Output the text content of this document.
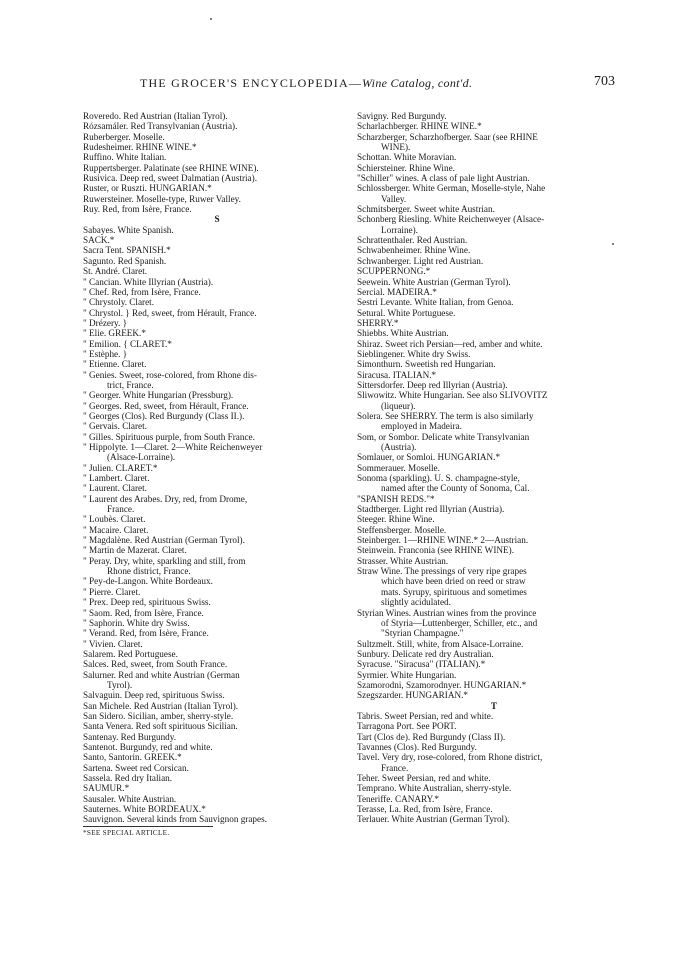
THE GROCER'S ENCYCLOPEDIA—Wine Catalog, cont'd.	703
Roveredo. Red Austrian (Italian Tyrol).
Rózsamáler. Red Transylvanian (Austria).
Ruberberger. Moselle.
Rudesheimer. RHINE WINE.*
Ruffino. White Italian.
Ruppertsberger. Palatinate (see RHINE WINE).
Rusivica. Deep red, sweet Dalmatian (Austria).
Ruster, or Ruszti. HUNGARIAN.*
Ruwersteiner. Moselle-type, Ruwer Valley.
Ruy. Red, from Isère, France.
S
Sabayes. White Spanish.
SACK.*
Sacra Tent. SPANISH.*
Sagunto. Red Spanish.
St. André. Claret.
" Cancian. White Illyrian (Austria).
" Chef. Red, from Isère, France.
" Chrystoly. Claret.
" Chrystol. } Red, sweet, from Hérault, France.
" Drézery. }
" Elie. GREEK.*
" Emilion. { CLARET.*
" Estèphe. }
" Etienne. Claret.
" Genies. Sweet, rose-colored, from Rhone dis-
trict, France.
" Georger. White Hungarian (Pressburg).
" Georges. Red, sweet, from Hérault, France.
" Georges (Clos). Red Burgundy (Class II.).
" Gervais. Claret.
" Gilles. Spirituous purple, from South France.
" Hippolyte. 1—Claret. 2—White Reichenweyer
(Alsace-Lorraine).
" Julien. CLARET.*
" Lambert. Claret.
" Laurent. Claret.
" Laurent des Arabes. Dry, red, from Drome,
France.
" Loubès. Claret.
" Macaire. Claret.
" Magdalène. Red Austrian (German Tyrol).
" Martin de Mazerat. Claret.
" Peray. Dry, white, sparkling and still, from
Rhone district, France.
" Pey-de-Langon. White Bordeaux.
" Pierre. Claret.
" Prex. Deep red, spirituous Swiss.
" Saom. Red, from Isère, France.
" Saphorin. White dry Swiss.
" Verand. Red, from Isère, France.
" Vivien. Claret.
Salarem. Red Portuguese.
Salces. Red, sweet, from South France.
Salurner. Red and white Austrian (German
Tyrol).
Salvaguin. Deep red, spirituous Swiss.
San Michele. Red Austrian (Italian Tyrol).
San Sidero. Sicilian, amber, sherry-style.
Santa Venera. Red soft spirituous Sicilian.
Santenay. Red Burgundy.
Santenot. Burgundy, red and white.
Santo, Santorin. GREEK.*
Sartena. Sweet red Corsican.
Sassela. Red dry Italian.
SAUMUR.*
Sausaler. White Austrian.
Sauternes. White BORDEAUX.*
Sauvignon. Several kinds from Sauvignon grapes.
Savigny. Red Burgundy.
Scharlachberger. RHINE WINE.*
Scharzberger, Scharzhofberger. Saar (see RHINE
WINE).
Schottan. White Moravian.
Schiersteiner. Rhine Wine.
"Schiller" wines. A class of pale light Austrian.
Schlossberger. White German, Moselle-style, Nahe
Valley.
Schmitsberger. Sweet white Austrian.
Schonberg Riesling. White Reichenweyer (Alsace-
Lorraine).
Schrattenthaler. Red Austrian.
Schwabenheimer. Rhine Wine.
Schwanberger. Light red Austrian.
SCUPPERNONG.*
Seewein. White Austrian (German Tyrol).
Sercial. MADEIRA.*
Sestri Levante. White Italian, from Genoa.
Setural. White Portuguese.
SHERRY.*
Shiebbs. White Austrian.
Shiraz. Sweet rich Persian—red, amber and white.
Sieblingener. White dry Swiss.
Simonthurn. Sweetish red Hungarian.
Siracusa. ITALIAN.*
Sittersdorfer. Deep red Illyrian (Austria).
Sliwowitz. White Hungarian. See also SLIVOVITZ
(liqueur).
Solera. See SHERRY. The term is also similarly
employed in Madeira.
Som, or Sombor. Delicate white Transylvanian
(Austria).
Somlauer, or Somloi. HUNGARIAN.*
Sommerauer. Moselle.
Sonoma (sparkling). U. S. champagne-style,
named after the County of Sonoma, Cal.
"SPANISH REDS."*
Stadtberger. Light red Illyrian (Austria).
Steeger. Rhine Wine.
Steffensberger. Moselle.
Steinberger. 1—RHINE WINE.* 2—Austrian.
Steinwein. Franconia (see RHINE WINE).
Strasser. White Austrian.
Straw Wine. The pressings of very ripe grapes
which have been dried on reed or straw
mats. Syrupy, spirituous and sometimes
slightly acidulated.
Styrian Wines. Austrian wines from the province
of Styria—Luttenberger, Schiller, etc., and
"Styrian Champagne."
Sultzmelt. Still, white, from Alsace-Lorraine.
Sunbury. Delicate red dry Australian.
Syracuse. "Siracusa" (ITALIAN).*
Syrmier. White Hungarian.
Szamorodni, Szamorodnyer. HUNGARIAN.*
Szegszarder. HUNGARIAN.*
T
Tabris. Sweet Persian, red and white.
Tarragona Port. See PORT.
Tart (Clos de). Red Burgundy (Class II).
Tavannes (Clos). Red Burgundy.
Tavel. Very dry, rose-colored, from Rhone district,
France.
Teher. Sweet Persian, red and white.
Temprano. White Australian, sherry-style.
Teneriffe. CANARY.*
Terasse, La. Red, from Isère, France.
Terlauer. White Austrian (German Tyrol).
*SEE SPECIAL ARTICLE.
